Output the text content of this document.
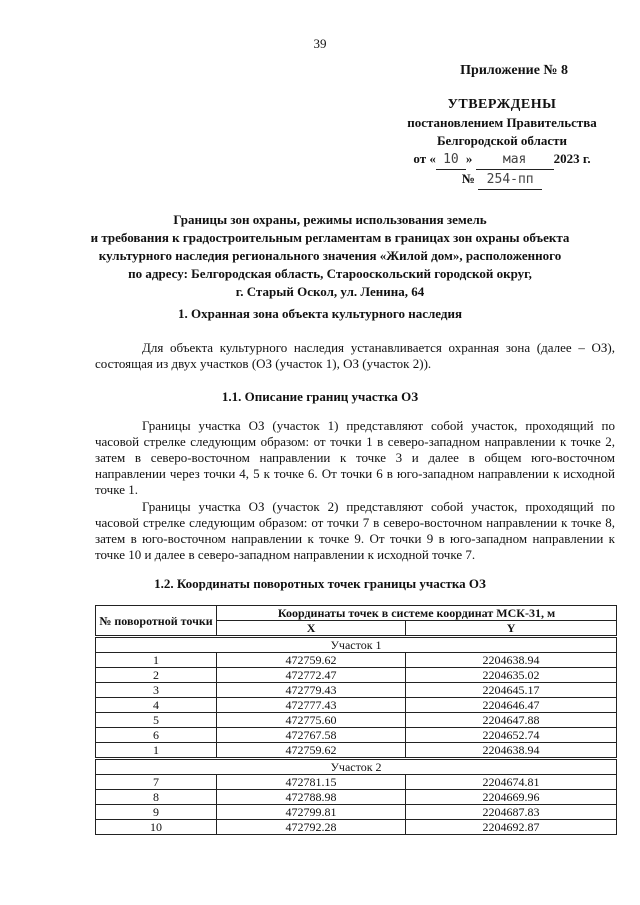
39
Приложение № 8
УТВЕРЖДЕНЫ
постановлением Правительства
Белгородской области
от « 10 » мая 2023 г.
№ 254-пп
Границы зон охраны, режимы использования земель
и требования к градостроительным регламентам в границах зон охраны объекта
культурного наследия регионального значения «Жилой дом», расположенного
по адресу: Белгородская область, Старооскольский городской округ,
г. Старый Оскол, ул. Ленина, 64
1. Охранная зона объекта культурного наследия

Для объекта культурного наследия устанавливается охранная зона (далее – ОЗ), состоящая из двух участков (ОЗ (участок 1), ОЗ (участок 2)).

1.1. Описание границ участка ОЗ

Границы участка ОЗ (участок 1) представляют собой участок, проходящий по часовой стрелке следующим образом: от точки 1 в северо-западном направлении к точке 2, затем в северо-восточном направлении к точке 3 и далее в общем юго-восточном направлении через точки 4, 5 к точке 6. От точки 6 в юго-западном направлении к исходной точке 1.

Границы участка ОЗ (участок 2) представляют собой участок, проходящий по часовой стрелке следующим образом: от точки 7 в северо-восточном направлении к точке 8, затем в юго-восточном направлении к точке 9. От точки 9 в юго-западном направлении к точке 10 и далее в северо-западном направлении к исходной точке 7.

1.2. Координаты поворотных точек границы участка ОЗ
№ поворотной точки	Координаты точек в системе координат МСК-31, м	
	X	Y
Участок 1		
1	472759.62	2204638.94
2	472772.47	2204635.02
3	472779.43	2204645.17
4	472777.43	2204646.47
5	472775.60	2204647.88
6	472767.58	2204652.74
1	472759.62	2204638.94
Участок 2		
7	472781.15	2204674.81
8	472788.98	2204669.96
9	472799.81	2204687.83
10	472792.28	2204692.87
